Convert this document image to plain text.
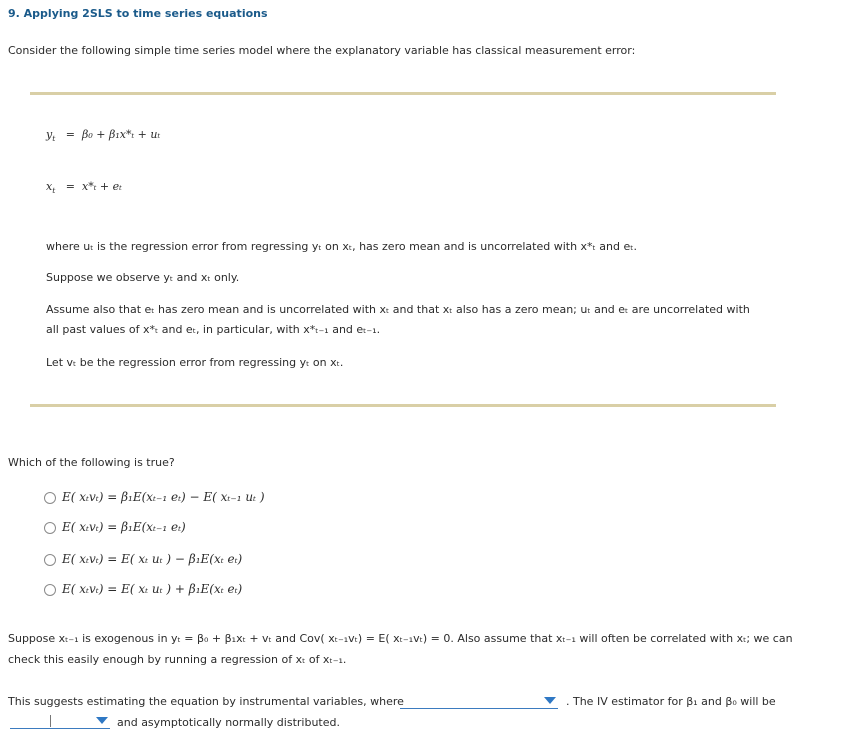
9. Applying 2SLS to time series equations
Consider the following simple time series model where the explanatory variable has classical measurement error:
$y_t = \beta_0 + \beta_1x*_t + u_t$
$x_t = x*_t + e_t$
where uₜ is the regression error from regressing yₜ on xₜ, has zero mean and is uncorrelated with x*ₜ and eₜ.
Suppose we observe yₜ and xₜ only.
Assume also that eₜ has zero mean and is uncorrelated with xₜ and that xₜ also has a zero mean; uₜ and eₜ are uncorrelated with
all past values of x*ₜ and eₜ, in particular, with x*ₜ₋₁ and eₜ₋₁.
Let vₜ be the regression error from regressing yₜ on xₜ.
Which of the following is true?
E( xₜvₜ) = β₁E(xₜ₋₁ eₜ) − E( xₜ₋₁ uₜ )
E( xₜvₜ) = β₁E(xₜ₋₁ eₜ)
E( xₜvₜ) = E( xₜ uₜ ) − β₁E(xₜ eₜ)
E( xₜvₜ) = E( xₜ uₜ ) + β₁E(xₜ eₜ)
Suppose xₜ₋₁ is exogenous in yₜ = β₀ + β₁xₜ + vₜ and Cov( xₜ₋₁vₜ) = E( xₜ₋₁vₜ) = 0. Also assume that xₜ₋₁ will often be correlated with xₜ; we can
check this easily enough by running a regression of xₜ of xₜ₋₁.
This suggests estimating the equation by instrumental variables, where	. The IV estimator for β₁ and β₀ will be
and asymptotically normally distributed.
